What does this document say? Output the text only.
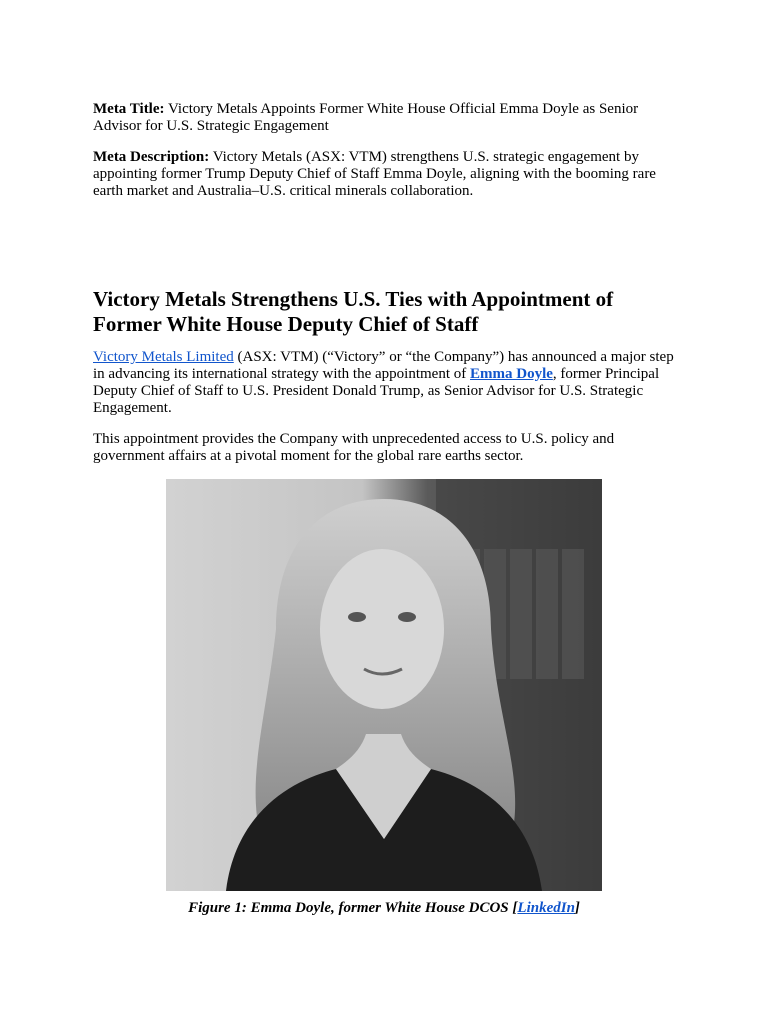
Meta Title: Victory Metals Appoints Former White House Official Emma Doyle as Senior Advisor for U.S. Strategic Engagement

Meta Description: Victory Metals (ASX: VTM) strengthens U.S. strategic engagement by appointing former Trump Deputy Chief of Staff Emma Doyle, aligning with the booming rare earth market and Australia–U.S. critical minerals collaboration.

Victory Metals Strengthens U.S. Ties with Appointment of Former White House Deputy Chief of Staff

Victory Metals Limited (ASX: VTM) (“Victory” or “the Company”) has announced a major step in advancing its international strategy with the appointment of Emma Doyle, former Principal Deputy Chief of Staff to U.S. President Donald Trump, as Senior Advisor for U.S. Strategic Engagement.

This appointment provides the Company with unprecedented access to U.S. policy and government affairs at a pivotal moment for the global rare earths sector.

Figure 1: Emma Doyle, former White House DCOS [LinkedIn]
